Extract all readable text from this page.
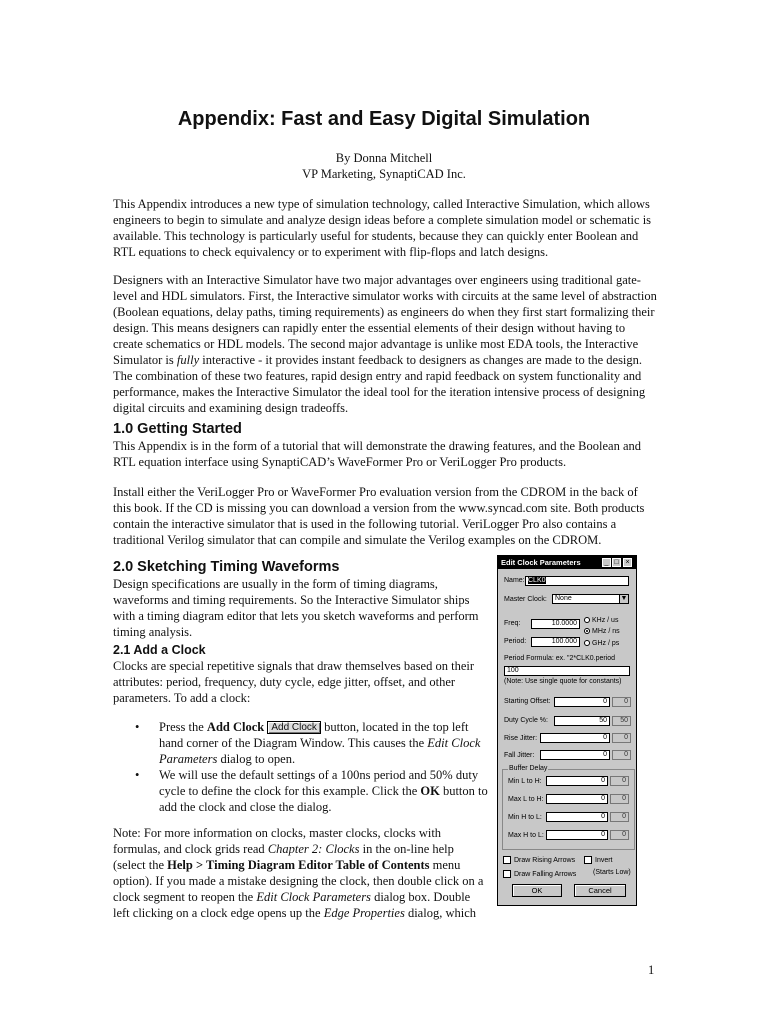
Appendix: Fast and Easy Digital Simulation
By Donna Mitchell
VP Marketing, SynaptiCAD Inc.

This Appendix introduces a new type of simulation technology, called Interactive Simulation, which allows engineers to begin to simulate and analyze design ideas before a complete simulation model or schematic is available. This technology is particularly useful for students, because they can quickly enter Boolean and RTL equations to check equivalency or to experiment with flip-flops and latch designs.

Designers with an Interactive Simulator have two major advantages over engineers using traditional gate-level and HDL simulators. First, the Interactive simulator works with circuits at the same level of abstraction (Boolean equations, delay paths, timing requirements) as engineers do when they first start formalizing their design. This means designers can rapidly enter the essential elements of their design without having to create schematics or HDL models. The second major advantage is unlike most EDA tools, the Interactive Simulator is fully interactive - it provides instant feedback to designers as changes are made to the design. The combination of these two features, rapid design entry and rapid feedback on system functionality and performance, makes the Interactive Simulator the ideal tool for the iteration intensive process of designing digital circuits and examining design tradeoffs.

1.0 Getting Started

This Appendix is in the form of a tutorial that will demonstrate the drawing features, and the Boolean and RTL equation interface using SynaptiCAD’s WaveFormer Pro or VeriLogger Pro products.

Install either the VeriLogger Pro or WaveFormer Pro evaluation version from the CDROM in the back of this book. If the CD is missing you can download a version from the www.syncad.com site. Both products contain the interactive simulator that is used in the following tutorial. VeriLogger Pro also contains a traditional Verilog simulator that can compile and simulate the Verilog examples on the CDROM.

2.0 Sketching Timing Waveforms

Design specifications are usually in the form of timing diagrams, waveforms and timing requirements. So the Interactive Simulator ships with a timing diagram editor that lets you sketch waveforms and perform timing analysis.

2.1 Add a Clock

Clocks are special repetitive signals that draw themselves based on their attributes: period, frequency, duty cycle, edge jitter, offset, and other parameters. To add a clock:

• Press the Add Clock Add Clock button, located in the top left hand corner of the Diagram Window. This causes the Edit Clock Parameters dialog to open.
• We will use the default settings of a 100ns period and 50% duty cycle to define the clock for this example. Click the OK button to add the clock and close the dialog.

Note: For more information on clocks, master clocks, clocks with formulas, and clock grids read Chapter 2: Clocks in the on-line help (select the Help > Timing Diagram Editor Table of Contents menu option). If you made a mistake designing the clock, then double click on a clock segment to reopen the Edit Clock Parameters dialog box. Double left clicking on a clock edge opens up the Edge Properties dialog, which

1
Edit Clock Parameters	_ □ ×
Name: CLK0
Master Clock:	None	▼
Freq:	10.0000
Period:	100.000
KHz / us
MHz / ns
GHz / ps
Period Formula: ex. "2*CLK0.period
100
(Note: Use single quote for constants)
Starting Offset:	0	0
Duty Cycle %:	50	50
Rise Jitter:	0	0
Fall Jitter:	0	0
Buffer Delay
Min L to H:	0	0
Max L to H:	0	0
Min H to L:	0	0
Max H to L:	0	0
Draw Rising Arrows
Draw Falling Arrows
Invert
(Starts Low)
OK	Cancel
